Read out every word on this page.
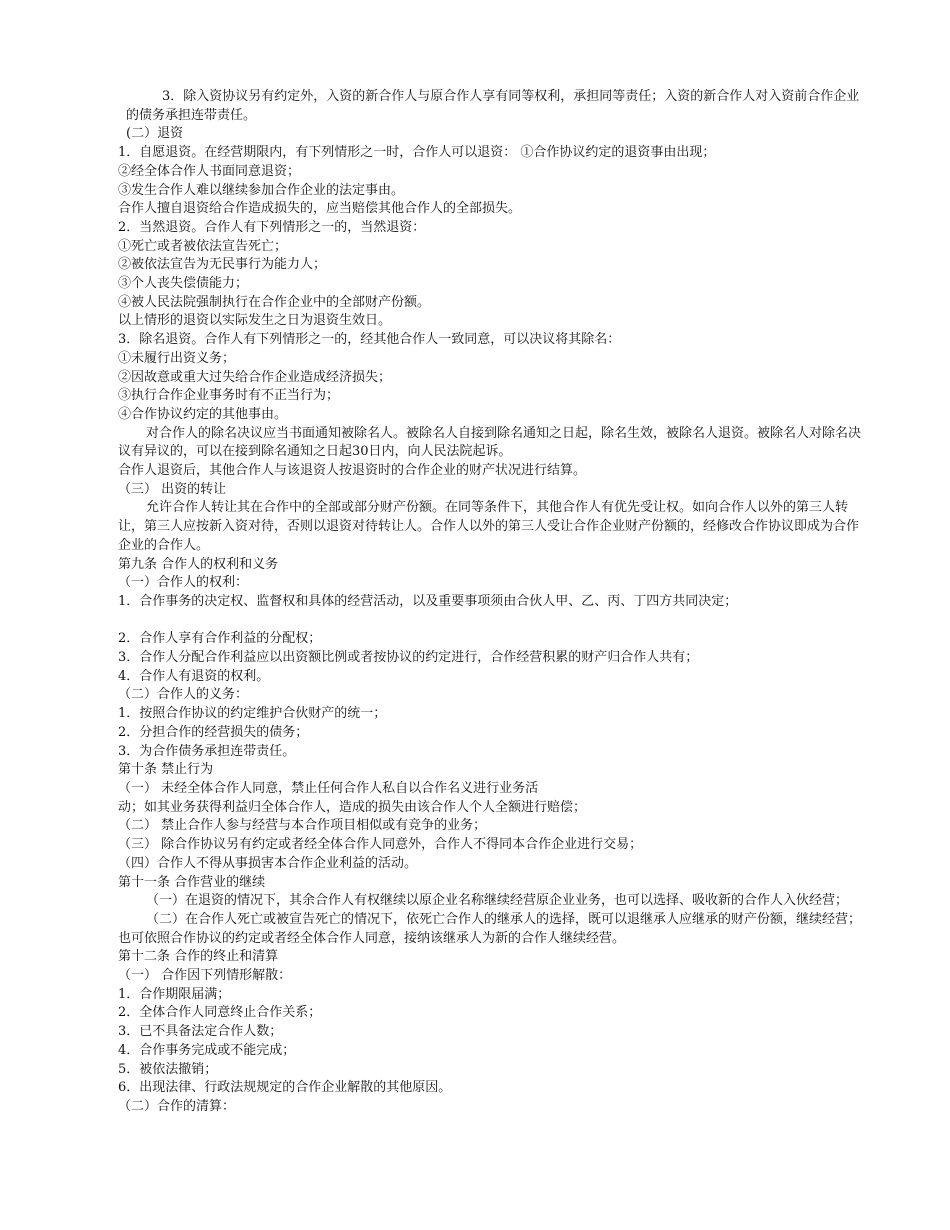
3．除入资协议另有约定外，入资的新合作人与原合作人享有同等权利，承担同等责任；入资的新合作人对入资前合作企业的债务承担连带责任。

(二）退资

1．自愿退资。在经营期限内，有下列情形之一时，合作人可以退资： ①合作协议约定的退资事由出现；

②经全体合作人书面同意退资；

③发生合作人难以继续参加合作企业的法定事由。

合作人擅自退资给合作造成损失的，应当赔偿其他合作人的全部损失。

2．当然退资。合作人有下列情形之一的，当然退资：

①死亡或者被依法宣告死亡；

②被依法宣告为无民事行为能力人；

③个人丧失偿债能力；

④被人民法院强制执行在合作企业中的全部财产份额。

以上情形的退资以实际发生之日为退资生效日。

3．除名退资。合作人有下列情形之一的，经其他合作人一致同意，可以决议将其除名：

①未履行出资义务；

②因故意或重大过失给合作企业造成经济损失；

③执行合作企业事务时有不正当行为；

④合作协议约定的其他事由。

对合作人的除名决议应当书面通知被除名人。被除名人自接到除名通知之日起，除名生效，被除名人退资。被除名人对除名决议有异议的，可以在接到除名通知之日起30日内，向人民法院起诉。

合作人退资后，其他合作人与该退资人按退资时的合作企业的财产状况进行结算。

（三） 出资的转让

允许合作人转让其在合作中的全部或部分财产份额。在同等条件下，其他合作人有优先受让权。如向合作人以外的第三人转让，第三人应按新入资对待，否则以退资对待转让人。合作人以外的第三人受让合作企业财产份额的，经修改合作协议即成为合作企业的合作人。

第九条 合作人的权利和义务

（一）合作人的权利：

1．合作事务的决定权、监督权和具体的经营活动，以及重要事项须由合伙人甲、乙、丙、丁四方共同决定；

2．合作人享有合作利益的分配权；

3．合作人分配合作利益应以出资额比例或者按协议的约定进行，合作经营积累的财产归合作人共有；

4．合作人有退资的权利。

（二）合作人的义务：

1．按照合作协议的约定维护合伙财产的统一；

2．分担合作的经营损失的债务；

3．为合作债务承担连带责任。

第十条 禁止行为

（一） 未经全体合作人同意，禁止任何合作人私自以合作名义进行业务活

动；如其业务获得利益归全体合作人，造成的损失由该合作人个人全额进行赔偿；

（二） 禁止合作人参与经营与本合作项目相似或有竞争的业务；

（三） 除合作协议另有约定或者经全体合作人同意外，合作人不得同本合作企业进行交易；

（四）合作人不得从事损害本合作企业利益的活动。

第十一条 合作营业的继续

（一）在退资的情况下，其余合作人有权继续以原企业名称继续经营原企业业务，也可以选择、吸收新的合作人入伙经营；

（二）在合作人死亡或被宣告死亡的情况下，依死亡合作人的继承人的选择，既可以退继承人应继承的财产份额，继续经营；也可依照合作协议的约定或者经全体合作人同意，接纳该继承人为新的合作人继续经营。

第十二条 合作的终止和清算

（一） 合作因下列情形解散：

1．合作期限届满；

2．全体合作人同意终止合作关系；

3．已不具备法定合作人数；

4．合作事务完成或不能完成；

5．被依法撤销；

6．出现法律、行政法规规定的合作企业解散的其他原因。

（二）合作的清算：
